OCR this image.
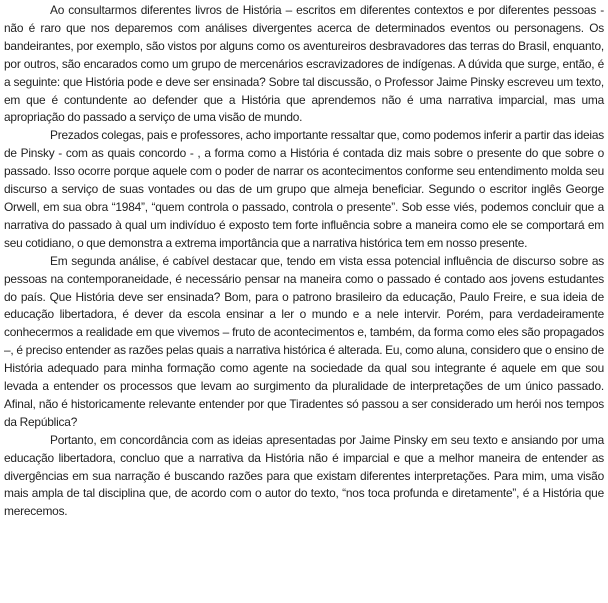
Ao consultarmos diferentes livros de História – escritos em diferentes contextos e por diferentes pessoas - não é raro que nos deparemos com análises divergentes acerca de determinados eventos ou personagens. Os bandeirantes, por exemplo, são vistos por alguns como os aventureiros desbravadores das terras do Brasil, enquanto, por outros, são encarados como um grupo de mercenários escravizadores de indígenas. A dúvida que surge, então, é a seguinte: que História pode e deve ser ensinada? Sobre tal discussão, o Professor Jaime Pinsky escreveu um texto, em que é contundente ao defender que a História que aprendemos não é uma narrativa imparcial, mas uma apropriação do passado a serviço de uma visão de mundo.

Prezados colegas, pais e professores, acho importante ressaltar que, como podemos inferir a partir das ideias de Pinsky - com as quais concordo - , a forma como a História é contada diz mais sobre o presente do que sobre o passado. Isso ocorre porque aquele com o poder de narrar os acontecimentos conforme seu entendimento molda seu discurso a serviço de suas vontades ou das de um grupo que almeja beneficiar. Segundo o escritor inglês George Orwell, em sua obra “1984”, “quem controla o passado, controla o presente”. Sob esse viés, podemos concluir que a narrativa do passado à qual um indivíduo é exposto tem forte influência sobre a maneira como ele se comportará em seu cotidiano, o que demonstra a extrema importância que a narrativa histórica tem em nosso presente.

Em segunda análise, é cabível destacar que, tendo em vista essa potencial influência de discurso sobre as pessoas na contemporaneidade, é necessário pensar na maneira como o passado é contado aos jovens estudantes do país. Que História deve ser ensinada? Bom, para o patrono brasileiro da educação, Paulo Freire, e sua ideia de educação libertadora, é dever da escola ensinar a ler o mundo e a nele intervir. Porém, para verdadeiramente conhecermos a realidade em que vivemos – fruto de acontecimentos e, também, da forma como eles são propagados –, é preciso entender as razões pelas quais a narrativa histórica é alterada. Eu, como aluna, considero que o ensino de História adequado para minha formação como agente na sociedade da qual sou integrante é aquele em que sou levada a entender os processos que levam ao surgimento da pluralidade de interpretações de um único passado. Afinal, não é historicamente relevante entender por que Tiradentes só passou a ser considerado um herói nos tempos da República?

Portanto, em concordância com as ideias apresentadas por Jaime Pinsky em seu texto e ansiando por uma educação libertadora, concluo que a narrativa da História não é imparcial e que a melhor maneira de entender as divergências em sua narração é buscando razões para que existam diferentes interpretações. Para mim, uma visão mais ampla de tal disciplina que, de acordo com o autor do texto, “nos toca profunda e diretamente”, é a História que merecemos.
